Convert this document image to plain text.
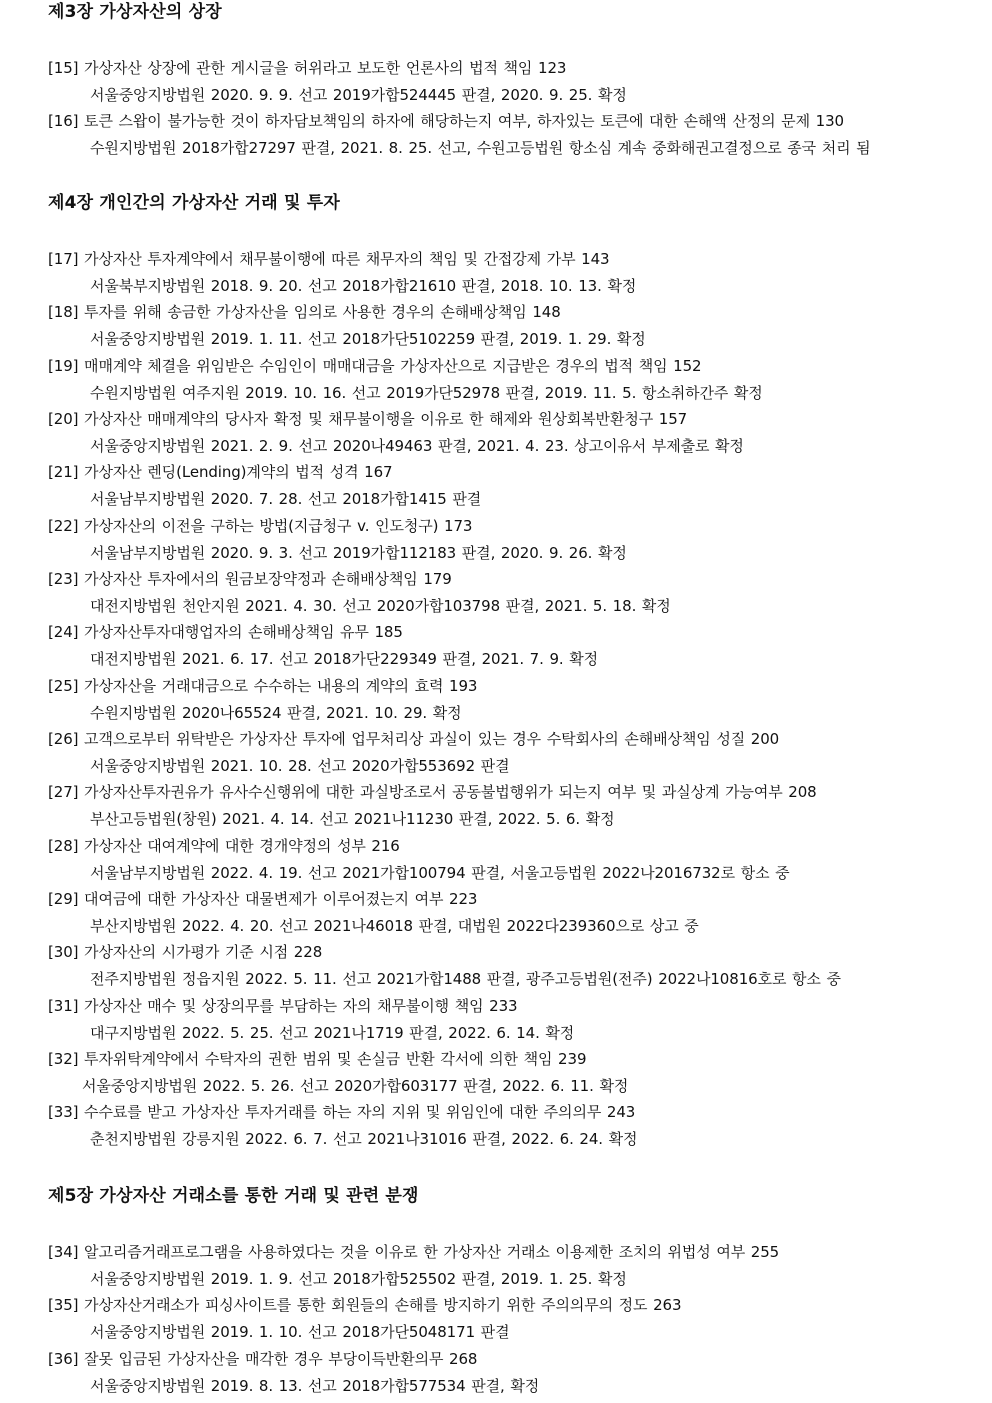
제3장 가상자산의 상장
[15] 가상자산 상장에 관한 게시글을 허위라고 보도한 언론사의 법적 책임 123
서울중앙지방법원 2020. 9. 9. 선고 2019가합524445 판결, 2020. 9. 25. 확정
[16] 토큰 스왑이 불가능한 것이 하자담보책임의 하자에 해당하는지 여부, 하자있는 토큰에 대한 손해액 산정의 문제 130
수원지방법원 2018가합27297 판결, 2021. 8. 25. 선고, 수원고등법원 항소심 계속 중화해권고결정으로 종국 처리 됨
제4장 개인간의 가상자산 거래 및 투자
[17] 가상자산 투자계약에서 채무불이행에 따른 채무자의 책임 및 간접강제 가부 143
서울북부지방법원 2018. 9. 20. 선고 2018가합21610 판결, 2018. 10. 13. 확정
[18] 투자를 위해 송금한 가상자산을 임의로 사용한 경우의 손해배상책임 148
서울중앙지방법원 2019. 1. 11. 선고 2018가단5102259 판결, 2019. 1. 29. 확정
[19] 매매계약 체결을 위임받은 수임인이 매매대금을 가상자산으로 지급받은 경우의 법적 책임 152
수원지방법원 여주지원 2019. 10. 16. 선고 2019가단52978 판결, 2019. 11. 5. 항소취하간주 확정
[20] 가상자산 매매계약의 당사자 확정 및 채무불이행을 이유로 한 해제와 원상회복반환청구 157
서울중앙지방법원 2021. 2. 9. 선고 2020나49463 판결, 2021. 4. 23. 상고이유서 부제출로 확정
[21] 가상자산 렌딩(Lending)계약의 법적 성격 167
서울남부지방법원 2020. 7. 28. 선고 2018가합1415 판결
[22] 가상자산의 이전을 구하는 방법(지급청구 v. 인도청구) 173
서울남부지방법원 2020. 9. 3. 선고 2019가합112183 판결, 2020. 9. 26. 확정
[23] 가상자산 투자에서의 원금보장약정과 손해배상책임 179
대전지방법원 천안지원 2021. 4. 30. 선고 2020가합103798 판결, 2021. 5. 18. 확정
[24] 가상자산투자대행업자의 손해배상책임 유무 185
대전지방법원 2021. 6. 17. 선고 2018가단229349 판결, 2021. 7. 9. 확정
[25] 가상자산을 거래대금으로 수수하는 내용의 계약의 효력 193
수원지방법원 2020나65524 판결, 2021. 10. 29. 확정
[26] 고객으로부터 위탁받은 가상자산 투자에 업무처리상 과실이 있는 경우 수탁회사의 손해배상책임 성질 200
서울중앙지방법원 2021. 10. 28. 선고 2020가합553692 판결
[27] 가상자산투자권유가 유사수신행위에 대한 과실방조로서 공동불법행위가 되는지 여부 및 과실상계 가능여부 208
부산고등법원(창원) 2021. 4. 14. 선고 2021나11230 판결, 2022. 5. 6. 확정
[28] 가상자산 대여계약에 대한 경개약정의 성부 216
서울남부지방법원 2022. 4. 19. 선고 2021가합100794 판결, 서울고등법원 2022나2016732로 항소 중
[29] 대여금에 대한 가상자산 대물변제가 이루어졌는지 여부 223
부산지방법원 2022. 4. 20. 선고 2021나46018 판결, 대법원 2022다239360으로 상고 중
[30] 가상자산의 시가평가 기준 시점 228
전주지방법원 정읍지원 2022. 5. 11. 선고 2021가합1488 판결, 광주고등법원(전주) 2022나10816호로 항소 중
[31] 가상자산 매수 및 상장의무를 부담하는 자의 채무불이행 책임 233
대구지방법원 2022. 5. 25. 선고 2021나1719 판결, 2022. 6. 14. 확정
[32] 투자위탁계약에서 수탁자의 권한 범위 및 손실금 반환 각서에 의한 책임 239
서울중앙지방법원 2022. 5. 26. 선고 2020가합603177 판결, 2022. 6. 11. 확정
[33] 수수료를 받고 가상자산 투자거래를 하는 자의 지위 및 위임인에 대한 주의의무 243
춘천지방법원 강릉지원 2022. 6. 7. 선고 2021나31016 판결, 2022. 6. 24. 확정
제5장 가상자산 거래소를 통한 거래 및 관련 분쟁
[34] 알고리즘거래프로그램을 사용하였다는 것을 이유로 한 가상자산 거래소 이용제한 조치의 위법성 여부 255
서울중앙지방법원 2019. 1. 9. 선고 2018가합525502 판결, 2019. 1. 25. 확정
[35] 가상자산거래소가 피싱사이트를 통한 회원들의 손해를 방지하기 위한 주의의무의 정도 263
서울중앙지방법원 2019. 1. 10. 선고 2018가단5048171 판결
[36] 잘못 입금된 가상자산을 매각한 경우 부당이득반환의무 268
서울중앙지방법원 2019. 8. 13. 선고 2018가합577534 판결, 확정
